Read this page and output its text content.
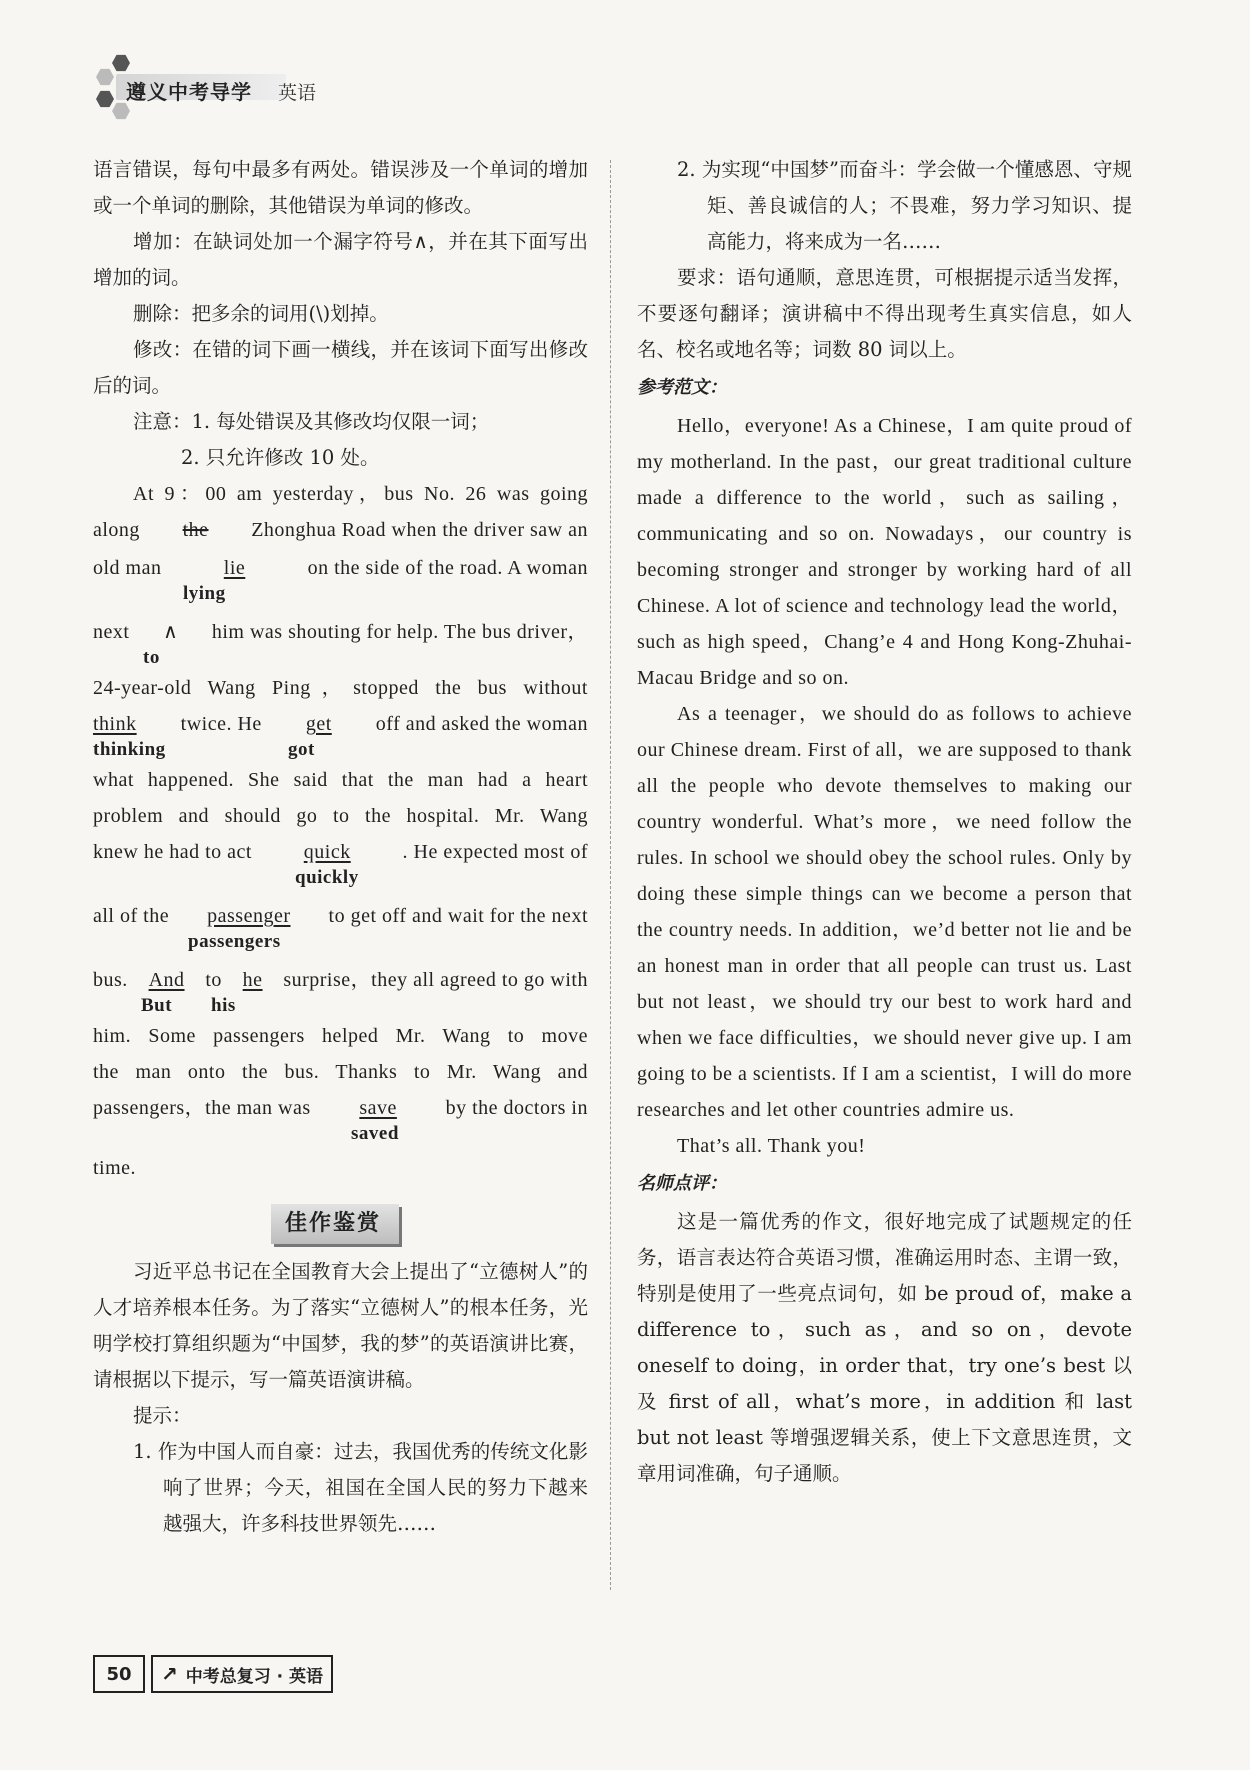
遵义中考导学 英语

语言错误，每句中最多有两处。错误涉及一个单词的增加或一个单词的删除，其他错误为单词的修改。

增加：在缺词处加一个漏字符号∧，并在其下面写出增加的词。

删除：把多余的词用(\)划掉。

修改：在错的词下画一横线，并在该词下面写出修改后的词。

注意：1. 每处错误及其修改均仅限一词；

2. 只允许修改 10 处。

At 9：00 am yesterday，bus No. 26 was going

along the Zhonghua Road when the driver saw an
old man	lie	on the side of the road. A woman
lying
next ∧ him was shouting for help. The bus driver，
to

24-year-old Wang Ping，stopped the bus without

think twice. He get off and asked the woman
thinking	got

what happened. She said that the man had a heart

problem and should go to the hospital. Mr. Wang

knew he had to act	quick	. He expected most of
quickly
all of the passenger to get off and wait for the next
passengers
bus. And to he surprise，they all agreed to go with
But his

him. Some passengers helped Mr. Wang to move

the man onto the bus. Thanks to Mr. Wang and

passengers，the man was save by the doctors in
saved

time.

佳作鉴赏

习近平总书记在全国教育大会上提出了“立德树人”的人才培养根本任务。为了落实“立德树人”的根本任务，光明学校打算组织题为“中国梦，我的梦”的英语演讲比赛，请根据以下提示，写一篇英语演讲稿。

提示：

1. 作为中国人而自豪：过去，我国优秀的传统文化影响了世界；今天，祖国在全国人民的努力下越来越强大，许多科技世界领先……

2. 为实现“中国梦”而奋斗：学会做一个懂感恩、守规矩、善良诚信的人；不畏难，努力学习知识、提高能力，将来成为一名……

要求：语句通顺，意思连贯，可根据提示适当发挥，不要逐句翻译；演讲稿中不得出现考生真实信息，如人名、校名或地名等；词数 80 词以上。

参考范文：

Hello，everyone! As a Chinese，I am quite proud of my motherland. In the past，our great traditional culture made a difference to the world，such as sailing，communicating and so on. Nowadays，our country is becoming stronger and stronger by working hard of all Chinese. A lot of science and technology lead the world，such as high speed，Chang’e 4 and Hong Kong-Zhuhai-Macau Bridge and so on.

As a teenager，we should do as follows to achieve our Chinese dream. First of all，we are supposed to thank all the people who devote themselves to making our country wonderful. What’s more，we need follow the rules. In school we should obey the school rules. Only by doing these simple things can we become a person that the country needs. In addition，we’d better not lie and be an honest man in order that all people can trust us. Last but not least，we should try our best to work hard and when we face difficulties，we should never give up. I am going to be a scientists. If I am a scientist，I will do more researches and let other countries admire us.

That’s all. Thank you!

名师点评：

这是一篇优秀的作文，很好地完成了试题规定的任务，语言表达符合英语习惯，准确运用时态、主谓一致，特别是使用了一些亮点词句，如 be proud of，make a difference to，such as，and so on，devote oneself to doing，in order that，try one’s best 以及 first of all，what’s more，in addition 和 last but not least 等增强逻辑关系，使上下文意思连贯，文章用词准确，句子通顺。

50	↗ 中考总复习 · 英语
